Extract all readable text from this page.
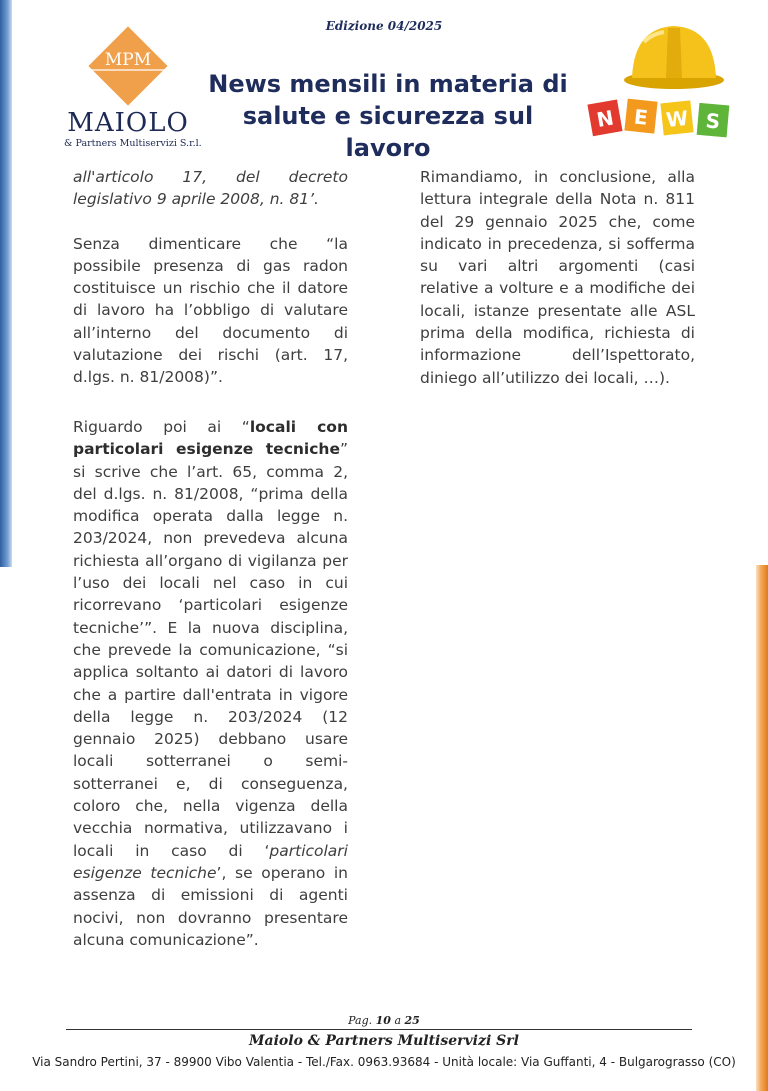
Edizione 04/2025
MPM
MAIOLO
& Partners Multiservizi S.r.l.
News mensili in materia di
salute e sicurezza sul lavoro
N E W S

all'articolo 17, del decreto legislativo 9 aprile 2008, n. 81’.

Senza dimenticare che “la possibile presenza di gas radon costituisce un rischio che il datore di lavoro ha l’obbligo di valutare all’interno del documento di valutazione dei rischi (art. 17, d.lgs. n. 81/2008)”.

Riguardo poi ai “locali con particolari esigenze tecniche” si scrive che l’art. 65, comma 2, del d.lgs. n. 81/2008, “prima della modifica operata dalla legge n. 203/2024, non prevedeva alcuna richiesta all’organo di vigilanza per l’uso dei locali nel caso in cui ricorrevano ‘particolari esigenze tecniche’”. E la nuova disciplina, che prevede la comunicazione, “si applica soltanto ai datori di lavoro che a partire dall'entrata in vigore della legge n. 203/2024 (12 gennaio 2025) debbano usare locali sotterranei o semi-sotterranei e, di conseguenza, coloro che, nella vigenza della vecchia normativa, utilizzavano i locali in caso di ‘particolari esigenze tecniche’, se operano in assenza di emissioni di agenti nocivi, non dovranno presentare alcuna comunicazione”.

Rimandiamo, in conclusione, alla lettura integrale della Nota n. 811 del 29 gennaio 2025 che, come indicato in precedenza, si sofferma su vari altri argomenti (casi relative a volture e a modifiche dei locali, istanze presentate alle ASL prima della modifica, richiesta di informazione dell’Ispettorato, diniego all’utilizzo dei locali, …).

Pag. 10 a 25
Maiolo & Partners Multiservizi Srl
Via Sandro Pertini, 37 - 89900 Vibo Valentia - Tel./Fax. 0963.93684 - Unità locale: Via Guffanti, 4 - Bulgarograsso (CO)
